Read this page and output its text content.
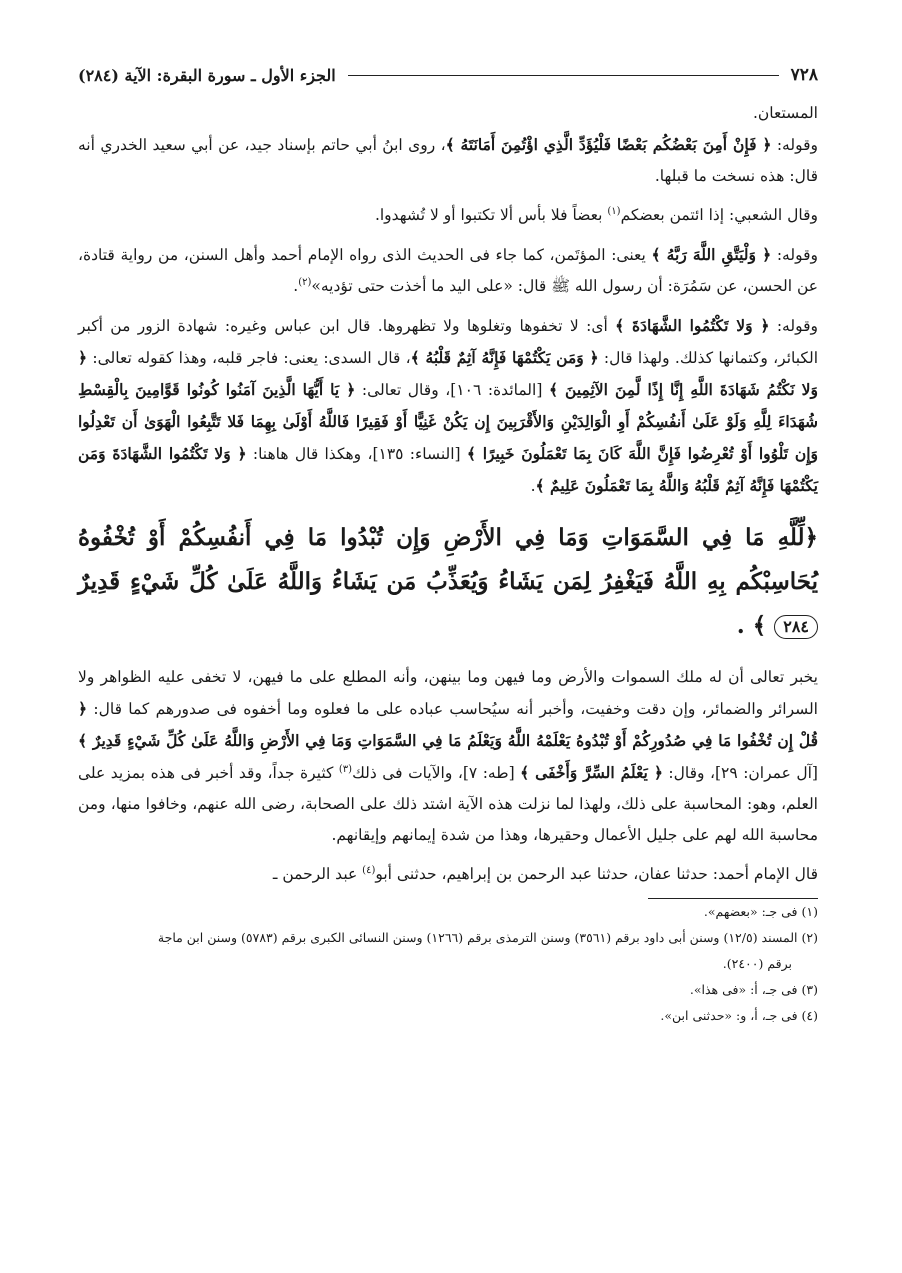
٧٢٨
الجزء الأول ـ سورة البقرة: الآية (٢٨٤)

المستعان.

وقوله: ﴿ فَإِنْ أَمِنَ بَعْضُكُم بَعْضًا فَلْيُؤَدِّ الَّذِي اؤْتُمِنَ أَمَانَتَهُ ﴾، روى ابنُ أبي حاتم بإسناد جيد، عن أبي سعيد الخدري أنه قال: هذه نسخت ما قبلها.

وقال الشعبي: إذا ائتمن بعضكم$^{(١)}$ بعضاً فلا بأس ألا تكتبوا أو لا تُشهدوا.

وقوله: ﴿ وَلْيَتَّقِ اللَّهَ رَبَّهُ ﴾ يعنى: المؤتَمن، كما جاء فى الحديث الذى رواه الإمام أحمد وأهل السنن، من رواية قتادة، عن الحسن، عن سَمُرَة: أن رسول الله ﷺ قال: «على اليد ما أخذت حتى تؤديه»$^{(٢)}$.

وقوله: ﴿ وَلا تَكْتُمُوا الشَّهَادَةَ ﴾ أى: لا تخفوها وتغلوها ولا تظهروها. قال ابن عباس وغيره: شهادة الزور من أكبر الكبائر، وكتمانها كذلك. ولهذا قال: ﴿ وَمَن يَكْتُمْهَا فَإِنَّهُ آثِمٌ قَلْبُهُ ﴾، قال السدى: يعنى: فاجر قلبه، وهذا كقوله تعالى: ﴿ وَلا نَكْتُمُ شَهَادَةَ اللَّهِ إِنَّا إِذًا لَّمِنَ الآثِمِينَ ﴾ [المائدة: ١٠٦]، وقال تعالى: ﴿ يَا أَيُّهَا الَّذِينَ آمَنُوا كُونُوا قَوَّامِينَ بِالْقِسْطِ شُهَدَاءَ لِلَّهِ وَلَوْ عَلَىٰ أَنفُسِكُمْ أَوِ الْوَالِدَيْنِ وَالأَقْرَبِينَ إِن يَكُنْ غَنِيًّا أَوْ فَقِيرًا فَاللَّهُ أَوْلَىٰ بِهِمَا فَلا تَتَّبِعُوا الْهَوَىٰ أَن تَعْدِلُوا وَإِن تَلْوُوا أَوْ تُعْرِضُوا فَإِنَّ اللَّهَ كَانَ بِمَا تَعْمَلُونَ خَبِيرًا ﴾ [النساء: ١٣٥]، وهكذا قال هاهنا: ﴿ وَلا تَكْتُمُوا الشَّهَادَةَ وَمَن يَكْتُمْهَا فَإِنَّهُ آثِمٌ قَلْبُهُ وَاللَّهُ بِمَا تَعْمَلُونَ عَلِيمٌ ﴾.

﴿لِّلَّهِ مَا فِي السَّمَوَاتِ وَمَا فِي الأَرْضِ وَإِن تُبْدُوا مَا فِي أَنفُسِكُمْ أَوْ تُخْفُوهُ يُحَاسِبْكُم بِهِ اللَّهُ فَيَغْفِرُ لِمَن يَشَاءُ وَيُعَذِّبُ مَن يَشَاءُ وَاللَّهُ عَلَىٰ كُلِّ شَيْءٍ قَدِيرٌ ٢٨٤ ﴾ .

يخبر تعالى أن له ملك السموات والأرض وما فيهن وما بينهن، وأنه المطلع على ما فيهن، لا تخفى عليه الظواهر ولا السرائر والضمائر، وإن دقت وخفيت، وأخبر أنه سيُحاسب عباده على ما فعلوه وما أخفوه فى صدورهم كما قال: ﴿ قُلْ إِن تُخْفُوا مَا فِي صُدُورِكُمْ أَوْ تُبْدُوهُ يَعْلَمْهُ اللَّهُ وَيَعْلَمُ مَا فِي السَّمَوَاتِ وَمَا فِي الأَرْضِ وَاللَّهُ عَلَىٰ كُلِّ شَيْءٍ قَدِيرٌ ﴾ [آل عمران: ٢٩]، وقال: ﴿ يَعْلَمُ السِّرَّ وَأَخْفَى ﴾ [طه: ٧]، والآيات فى ذلك$^{(٣)}$ كثيرة جداً، وقد أخبر فى هذه بمزيد على العلم، وهو: المحاسبة على ذلك، ولهذا لما نزلت هذه الآية اشتد ذلك على الصحابة، رضى الله عنهم، وخافوا منها، ومن محاسبة الله لهم على جليل الأعمال وحقيرها، وهذا من شدة إيمانهم وإيقانهم.

قال الإمام أحمد: حدثنا عفان، حدثنا عبد الرحمن بن إبراهيم، حدثنى أبو$^{(٤)}$ عبد الرحمن ـ

(١) فى جـ: «بعضهم».

(٢) المسند (١٢/٥) وسنن أبى داود برقم (٣٥٦١) وسنن الترمذى برقم (١٢٦٦) وسنن النسائى الكبرى برقم (٥٧٨٣) وسنن ابن ماجة

برقم (٢٤٠٠).

(٣) فى جـ، أ: «فى هذا».

(٤) فى جـ، أ، و: «حدثنى ابن».
